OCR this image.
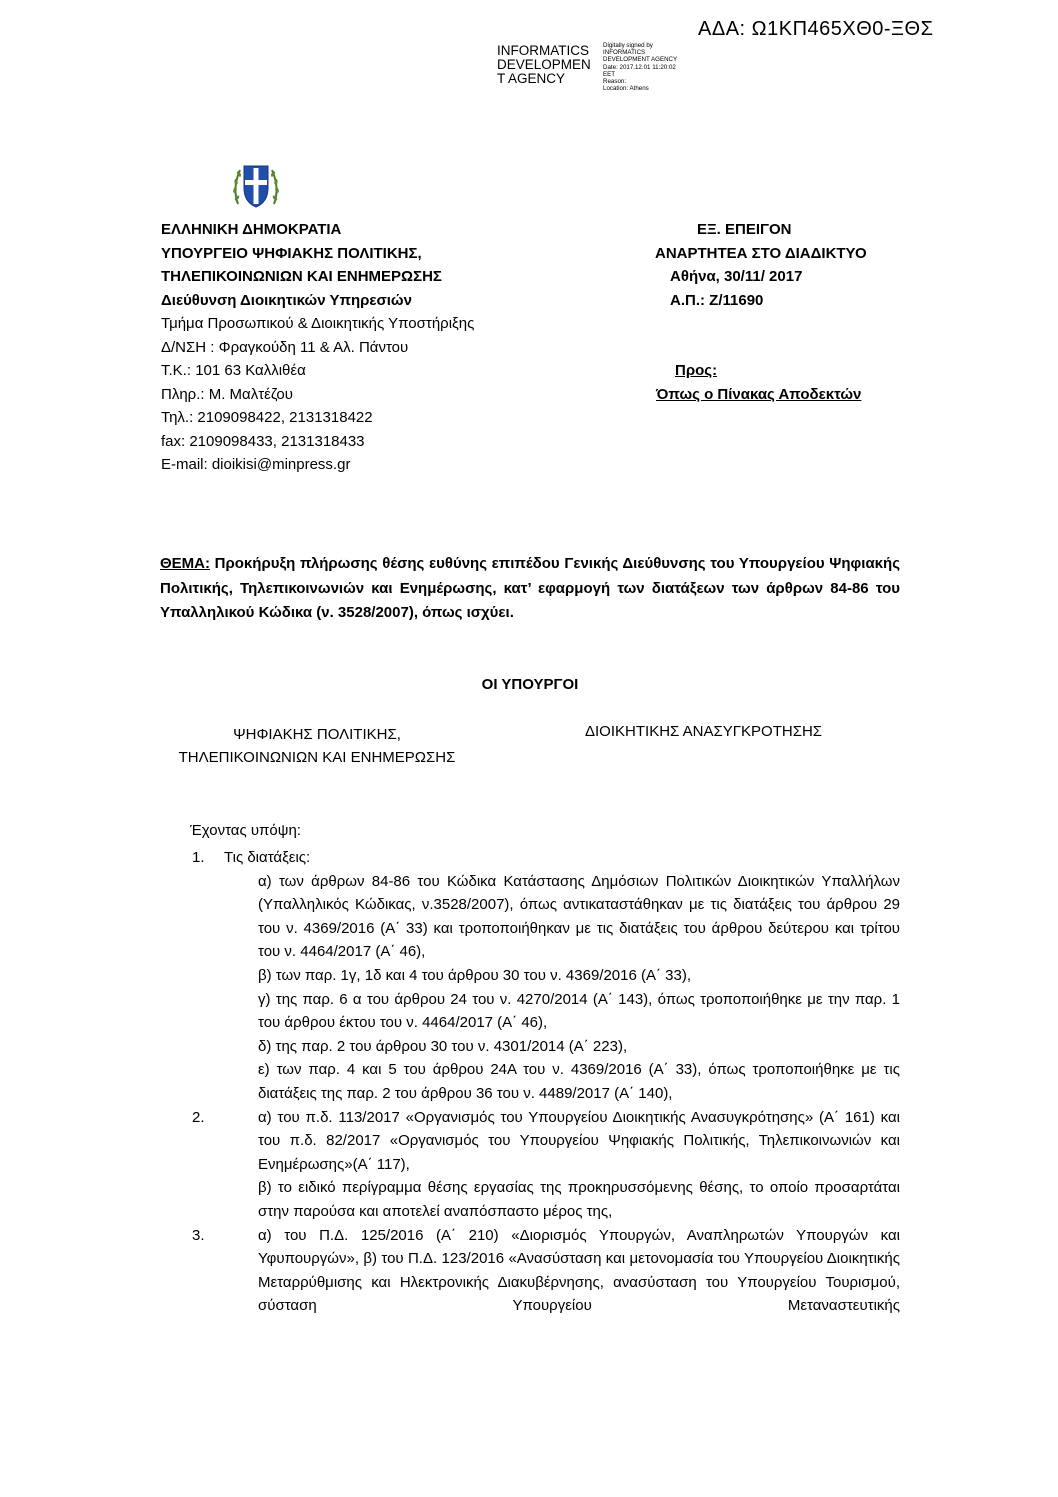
ΑΔΑ: Ω1ΚΠ465ΧΘ0-ΞΘΣ
INFORMATICS
DEVELOPMEN
T AGENCY
Digitally signed by
INFORMATICS
DEVELOPMENT AGENCY
Date: 2017.12.01 11:20:02
EET
Reason:
Location: Athens
ΕΛΛΗΝΙΚΗ ΔΗΜΟΚΡΑΤΙΑ
ΥΠΟΥΡΓΕΙΟ ΨΗΦΙΑΚΗΣ ΠΟΛΙΤΙΚΗΣ,
ΤΗΛΕΠΙΚΟΙΝΩΝΙΩΝ ΚΑΙ ΕΝΗΜΕΡΩΣΗΣ
Διεύθυνση Διοικητικών Υπηρεσιών
Τμήμα Προσωπικού & Διοικητικής Υποστήριξης
Δ/ΝΣΗ : Φραγκούδη 11 & Αλ. Πάντου
Τ.Κ.: 101 63 Καλλιθέα
Πληρ.: Μ. Μαλτέζου
Τηλ.: 2109098422, 2131318422
fax: 2109098433, 2131318433
E-mail: dioikisi@minpress.gr
ΕΞ. ΕΠΕΙΓΟΝ
ΑΝΑΡΤΗΤΕΑ ΣΤΟ ΔΙΑΔΙΚΤΥΟ
Αθήνα, 30/11/ 2017
Α.Π.: Ζ/11690
Προς:
Όπως ο Πίνακας Αποδεκτών
ΘΕΜΑ: Προκήρυξη πλήρωσης θέσης ευθύνης επιπέδου Γενικής Διεύθυνσης του Υπουργείου Ψηφιακής Πολιτικής, Τηλεπικοινωνιών και Ενημέρωσης, κατ’ εφαρμογή των διατάξεων των άρθρων 84-86 του Υπαλληλικού Κώδικα (ν. 3528/2007), όπως ισχύει.
ΟΙ ΥΠΟΥΡΓΟΙ
ΨΗΦΙΑΚΗΣ ΠΟΛΙΤΙΚΗΣ,
ΤΗΛΕΠΙΚΟΙΝΩΝΙΩΝ ΚΑΙ ΕΝΗΜΕΡΩΣΗΣ
ΔΙΟΙΚΗΤΙΚΗΣ ΑΝΑΣΥΓΚΡΟΤΗΣΗΣ
Έχοντας υπόψη:
1.	Τις διατάξεις:
α) των άρθρων 84-86 του Κώδικα Κατάστασης Δημόσιων Πολιτικών Διοικητικών Υπαλλήλων (Υπαλληλικός Κώδικας, ν.3528/2007), όπως αντικαταστάθηκαν με τις διατάξεις του άρθρου 29 του ν. 4369/2016 (Α΄ 33) και τροποποιήθηκαν με τις διατάξεις του άρθρου δεύτερου και τρίτου του ν. 4464/2017 (Α΄ 46),
β) των παρ. 1γ, 1δ και 4 του άρθρου 30 του ν. 4369/2016 (Α΄ 33),
γ) της παρ. 6 α του άρθρου 24 του ν. 4270/2014 (Α΄ 143), όπως τροποποιήθηκε με την παρ. 1 του άρθρου έκτου του ν. 4464/2017 (Α΄ 46),
δ) της παρ. 2 του άρθρου 30 του ν. 4301/2014 (Α΄ 223),
ε) των παρ. 4 και 5 του άρθρου 24Α του ν. 4369/2016 (Α΄ 33), όπως τροποποιήθηκε με τις διατάξεις της παρ. 2 του άρθρου 36 του ν. 4489/2017 (Α΄ 140),
2.	α) του π.δ. 113/2017 «Οργανισμός του Υπουργείου Διοικητικής Ανασυγκρότησης» (Α΄ 161) και του π.δ. 82/2017 «Οργανισμός του Υπουργείου Ψηφιακής Πολιτικής, Τηλεπικοινωνιών και Ενημέρωσης»(Α΄ 117),
β) το ειδικό περίγραμμα θέσης εργασίας της προκηρυσσόμενης θέσης, το οποίο προσαρτάται στην παρούσα και αποτελεί αναπόσπαστο μέρος της,
3.	α) του Π.Δ. 125/2016 (Α΄ 210) «Διορισμός Υπουργών, Αναπληρωτών Υπουργών και Υφυπουργών», β) του Π.Δ. 123/2016 «Ανασύσταση και μετονομασία του Υπουργείου Διοικητικής Μεταρρύθμισης και Ηλεκτρονικής Διακυβέρνησης, ανασύσταση του Υπουργείου Τουρισμού, σύσταση Υπουργείου Μεταναστευτικής
